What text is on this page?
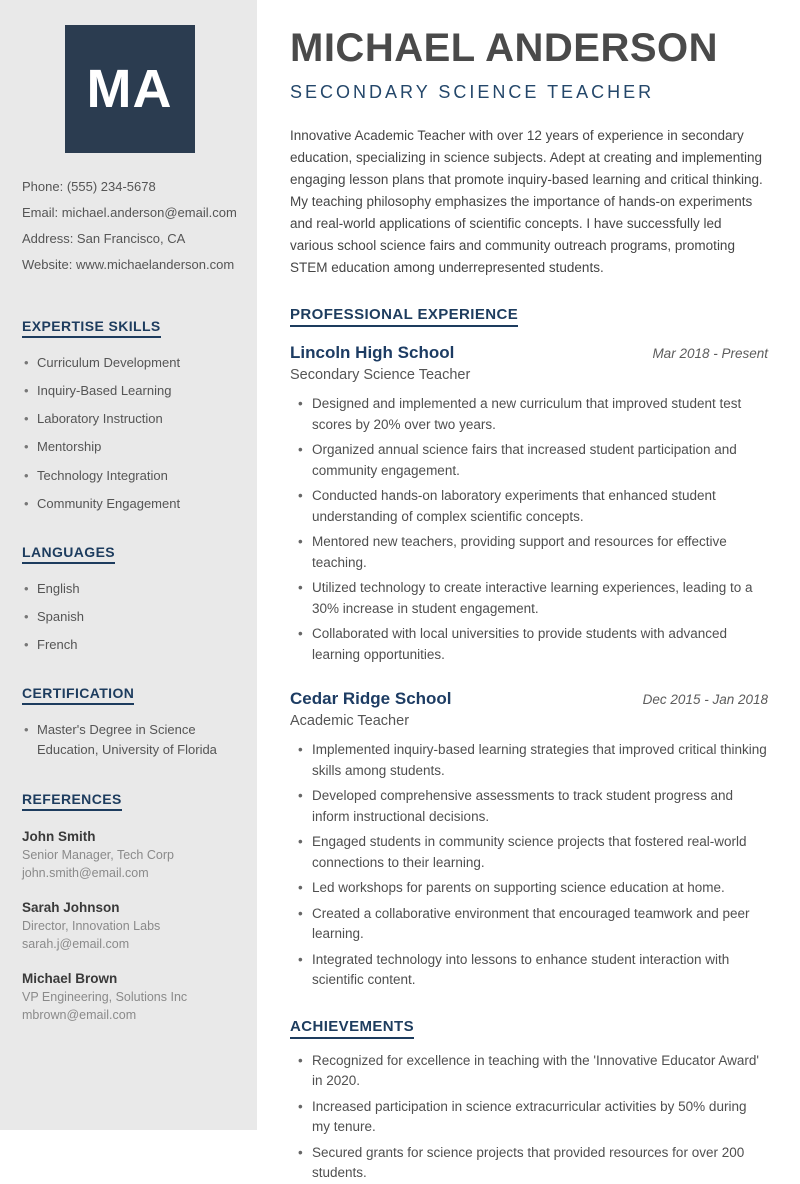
MA
Phone: (555) 234-5678
Email: michael.anderson@email.com
Address: San Francisco, CA
Website: www.michaelanderson.com
EXPERTISE SKILLS
• Curriculum Development
• Inquiry-Based Learning
• Laboratory Instruction
• Mentorship
• Technology Integration
• Community Engagement
LANGUAGES
• English
• Spanish
• French
CERTIFICATION
• Master's Degree in Science Education, University of Florida
REFERENCES
John Smith
Senior Manager, Tech Corp
john.smith@email.com
Sarah Johnson
Director, Innovation Labs
sarah.j@email.com
Michael Brown
VP Engineering, Solutions Inc
mbrown@email.com
MICHAEL ANDERSON
SECONDARY SCIENCE TEACHER

Innovative Academic Teacher with over 12 years of experience in secondary education, specializing in science subjects. Adept at creating and implementing engaging lesson plans that promote inquiry-based learning and critical thinking. My teaching philosophy emphasizes the importance of hands-on experiments and real-world applications of scientific concepts. I have successfully led various school science fairs and community outreach programs, promoting STEM education among underrepresented students.

PROFESSIONAL EXPERIENCE
Lincoln High School	Mar 2018 - Present
Secondary Science Teacher
• Designed and implemented a new curriculum that improved student test scores by 20% over two years.
• Organized annual science fairs that increased student participation and community engagement.
• Conducted hands-on laboratory experiments that enhanced student understanding of complex scientific concepts.
• Mentored new teachers, providing support and resources for effective teaching.
• Utilized technology to create interactive learning experiences, leading to a 30% increase in student engagement.
• Collaborated with local universities to provide students with advanced learning opportunities.
Cedar Ridge School	Dec 2015 - Jan 2018
Academic Teacher
• Implemented inquiry-based learning strategies that improved critical thinking skills among students.
• Developed comprehensive assessments to track student progress and inform instructional decisions.
• Engaged students in community science projects that fostered real-world connections to their learning.
• Led workshops for parents on supporting science education at home.
• Created a collaborative environment that encouraged teamwork and peer learning.
• Integrated technology into lessons to enhance student interaction with scientific content.
ACHIEVEMENTS
• Recognized for excellence in teaching with the 'Innovative Educator Award' in 2020.
• Increased participation in science extracurricular activities by 50% during my tenure.
• Secured grants for science projects that provided resources for over 200 students.
